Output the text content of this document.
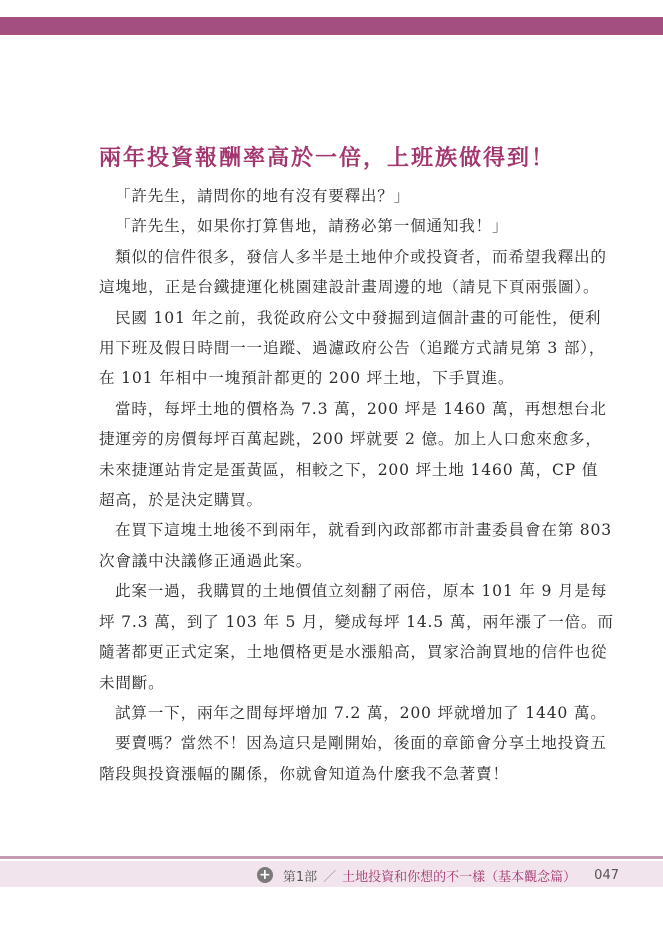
兩年投資報酬率高於一倍，上班族做得到！

「許先生，請問你的地有沒有要釋出？」

「許先生，如果你打算售地，請務必第一個通知我！」

類似的信件很多，發信人多半是土地仲介或投資者，而希望我釋出的這塊地，正是台鐵捷運化桃園建設計畫周邊的地（請見下頁兩張圖）。

民國 101 年之前，我從政府公文中發掘到這個計畫的可能性，便利用下班及假日時間一一追蹤、過濾政府公告（追蹤方式請見第 3 部），在 101 年相中一塊預計都更的 200 坪土地，下手買進。

當時，每坪土地的價格為 7.3 萬，200 坪是 1460 萬，再想想台北捷運旁的房價每坪百萬起跳，200 坪就要 2 億。加上人口愈來愈多，未來捷運站肯定是蛋黃區，相較之下，200 坪土地 1460 萬，CP 值超高，於是決定購買。

在買下這塊土地後不到兩年，就看到內政部都市計畫委員會在第 803 次會議中決議修正通過此案。

此案一過，我購買的土地價值立刻翻了兩倍，原本 101 年 9 月是每坪 7.3 萬，到了 103 年 5 月，變成每坪 14.5 萬，兩年漲了一倍。而隨著都更正式定案，土地價格更是水漲船高，買家洽詢買地的信件也從未間斷。

試算一下，兩年之間每坪增加 7.2 萬，200 坪就增加了 1440 萬。

要賣嗎？當然不！因為這只是剛開始，後面的章節會分享土地投資五階段與投資漲幅的關係，你就會知道為什麼我不急著賣！

+ 第1部 ／ 土地投資和你想的不一樣（基本觀念篇） 047
